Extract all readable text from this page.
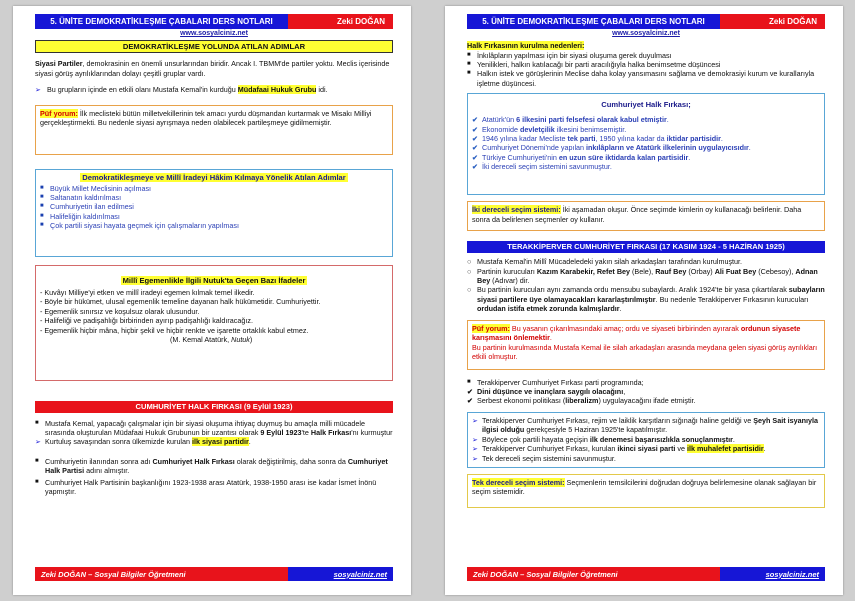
5. ÜNİTE DEMOKRATİKLEŞME ÇABALARI DERS NOTLARI	Zeki DOĞAN
www.sosyalciniz.net
DEMOKRATİKLEŞME YOLUNDA ATILAN ADIMLAR

Siyasi Partiler, demokrasinin en önemli unsurlarından biridir. Ancak I. TBMM'de partiler yoktu. Meclis içerisinde siyasi görüş ayrılıklarından dolayı çeşitli gruplar vardı.

➢ Bu grupların içinde en etkili olanı Mustafa Kemal'in kurduğu Müdafaai Hukuk Grubu idi.

Püf yorum: İlk meclisteki bütün milletvekillerinin tek amacı yurdu düşmandan kurtarmak ve Misakı Milliyi gerçekleştirmekti. Bu nedenle siyasi ayrışmaya neden olabilecek partileşmeye gidilmemiştir.

Demokratikleşmeye ve Millî İradeyi Hâkim Kılmaya Yönelik Atılan Adımlar
■ Büyük Millet Meclisinin açılması
■ Saltanatın kaldırılması
■ Cumhuriyetin ilan edilmesi
■ Halifeliğin kaldırılması
■ Çok partili siyasi hayata geçmek için çalışmaların yapılması
Millî Egemenlikle İlgili Nutuk'ta Geçen Bazı İfadeler

- Kuvâyı Milliye'yi etken ve millî iradeyi egemen kılmak temel ilkedir.

- Böyle bir hükümet, ulusal egemenlik temeline dayanan halk hükümetidir. Cumhuriyettir.

- Egemenlik sınırsız ve koşulsuz olarak ulusundur.

- Halifeliği ve padişahlığı birbirinden ayırıp padişahlığı kaldıracağız.

- Egemenlik hiçbir mâna, hiçbir şekil ve hiçbir renkte ve işarette ortaklık kabul etmez.

(M. Kemal Atatürk, Nutuk)

CUMHURİYET HALK FIRKASI (9 Eylül 1923)
■ Mustafa Kemal, yapacağı çalışmalar için bir siyasi oluşuma ihtiyaç duymuş bu amaçla milli mücadele sırasında oluşturulan Müdafaai Hukuk Grubunun bir uzantısı olarak 9 Eylül 1923'te Halk Fırkası'nı kurmuştur
➢ Kurtuluş savaşından sonra ülkemizde kurulan ilk siyasi partidir.
■ Cumhuriyetin ilanından sonra adı Cumhuriyet Halk Fırkası olarak değiştirilmiş, daha sonra da Cumhuriyet Halk Partisi adını almıştır.
■ Cumhuriyet Halk Partisinin başkanlığını 1923-1938 arası Atatürk, 1938-1950 arası ise kadar İsmet İnönü yapmıştır.
Zeki DOĞAN – Sosyal Bilgiler Öğretmeni	sosyalciniz.net
5. ÜNİTE DEMOKRATİKLEŞME ÇABALARI DERS NOTLARI	Zeki DOĞAN
www.sosyalciniz.net

Halk Fırkasının kurulma nedenleri:

■ İnkılâpların yapılması için bir siyasi oluşuma gerek duyulması
■ Yenilikleri, halkın katılacağı bir parti aracılığıyla halka benimsetme düşüncesi
■ Halkın istek ve görüşlerinin Meclise daha kolay yansımasını sağlama ve demokrasiyi kurum ve kurallarıyla işletme düşüncesi.
Cumhuriyet Halk Fırkası;
✔ Atatürk'ün 6 ilkesini parti felsefesi olarak kabul etmiştir.
✔ Ekonomide devletçilik ilkesini benimsemiştir.
✔ 1946 yılına kadar Mecliste tek parti, 1950 yılına kadar da iktidar partisidir.
✔ Cumhuriyet Dönemi'nde yapılan inkılâpların ve Atatürk ilkelerinin uygulayıcısıdır.
✔ Türkiye Cumhuriyeti'nin en uzun süre iktidarda kalan partisidir.
✔ İki dereceli seçim sistemini savunmuştur.

İki dereceli seçim sistemi: İki aşamadan oluşur. Önce seçimde kimlerin oy kullanacağı belirlenir. Daha sonra da belirlenen seçmenler oy kullanır.

TERAKKİPERVER CUMHURİYET FIRKASI (17 KASIM 1924 - 5 HAZİRAN 1925)
○ Mustafa Kemal'in Millî Mücadeledeki yakın silah arkadaşları tarafından kurulmuştur.
○ Partinin kurucuları Kazım Karabekir, Refet Bey (Bele), Rauf Bey (Orbay) Ali Fuat Bey (Cebesoy), Adnan Bey (Adıvar) dir.
○ Bu partinin kurucuları aynı zamanda ordu mensubu subaylardı. Aralık 1924'te bir yasa çıkartılarak subayların siyasi partilere üye olamayacakları kararlaştırılmıştır. Bu nedenle Terakkiperver Fırkasının kurucuları ordudan istifa etmek zorunda kalmışlardır.

Püf yorum: Bu yasanın çıkarılmasındaki amaç; ordu ve siyaseti birbirinden ayırarak ordunun siyasete karışmasını önlemektir.

Bu partinin kurulmasında Mustafa Kemal ile silah arkadaşları arasında meydana gelen siyasi görüş ayrılıkları etkili olmuştur.

■ Terakkiperver Cumhuriyet Fırkası parti programında;

✔ Dini düşünce ve inançlara saygılı olacağını,
✔ Serbest ekonomi politikası (liberalizm) uygulayacağını ifade etmiştir.
➢ Terakkiperver Cumhuriyet Fırkası, rejim ve laiklik karşıtların sığınağı haline geldiği ve Şeyh Sait isyanıyla ilgisi olduğu gerekçesiyle 5 Haziran 1925'te kapatılmıştır.
➢ Böylece çok partili hayata geçişin ilk denemesi başarısızlıkla sonuçlanmıştır.
➢ Terakkiperver Cumhuriyet Fırkası, kurulan ikinci siyasi parti ve ilk muhalefet partisidir.
➢ Tek dereceli seçim sistemini savunmuştur.

Tek dereceli seçim sistemi: Seçmenlerin temsilcilerini doğrudan doğruya belirlemesine olanak sağlayan bir seçim sistemidir.

Zeki DOĞAN – Sosyal Bilgiler Öğretmeni	sosyalciniz.net
